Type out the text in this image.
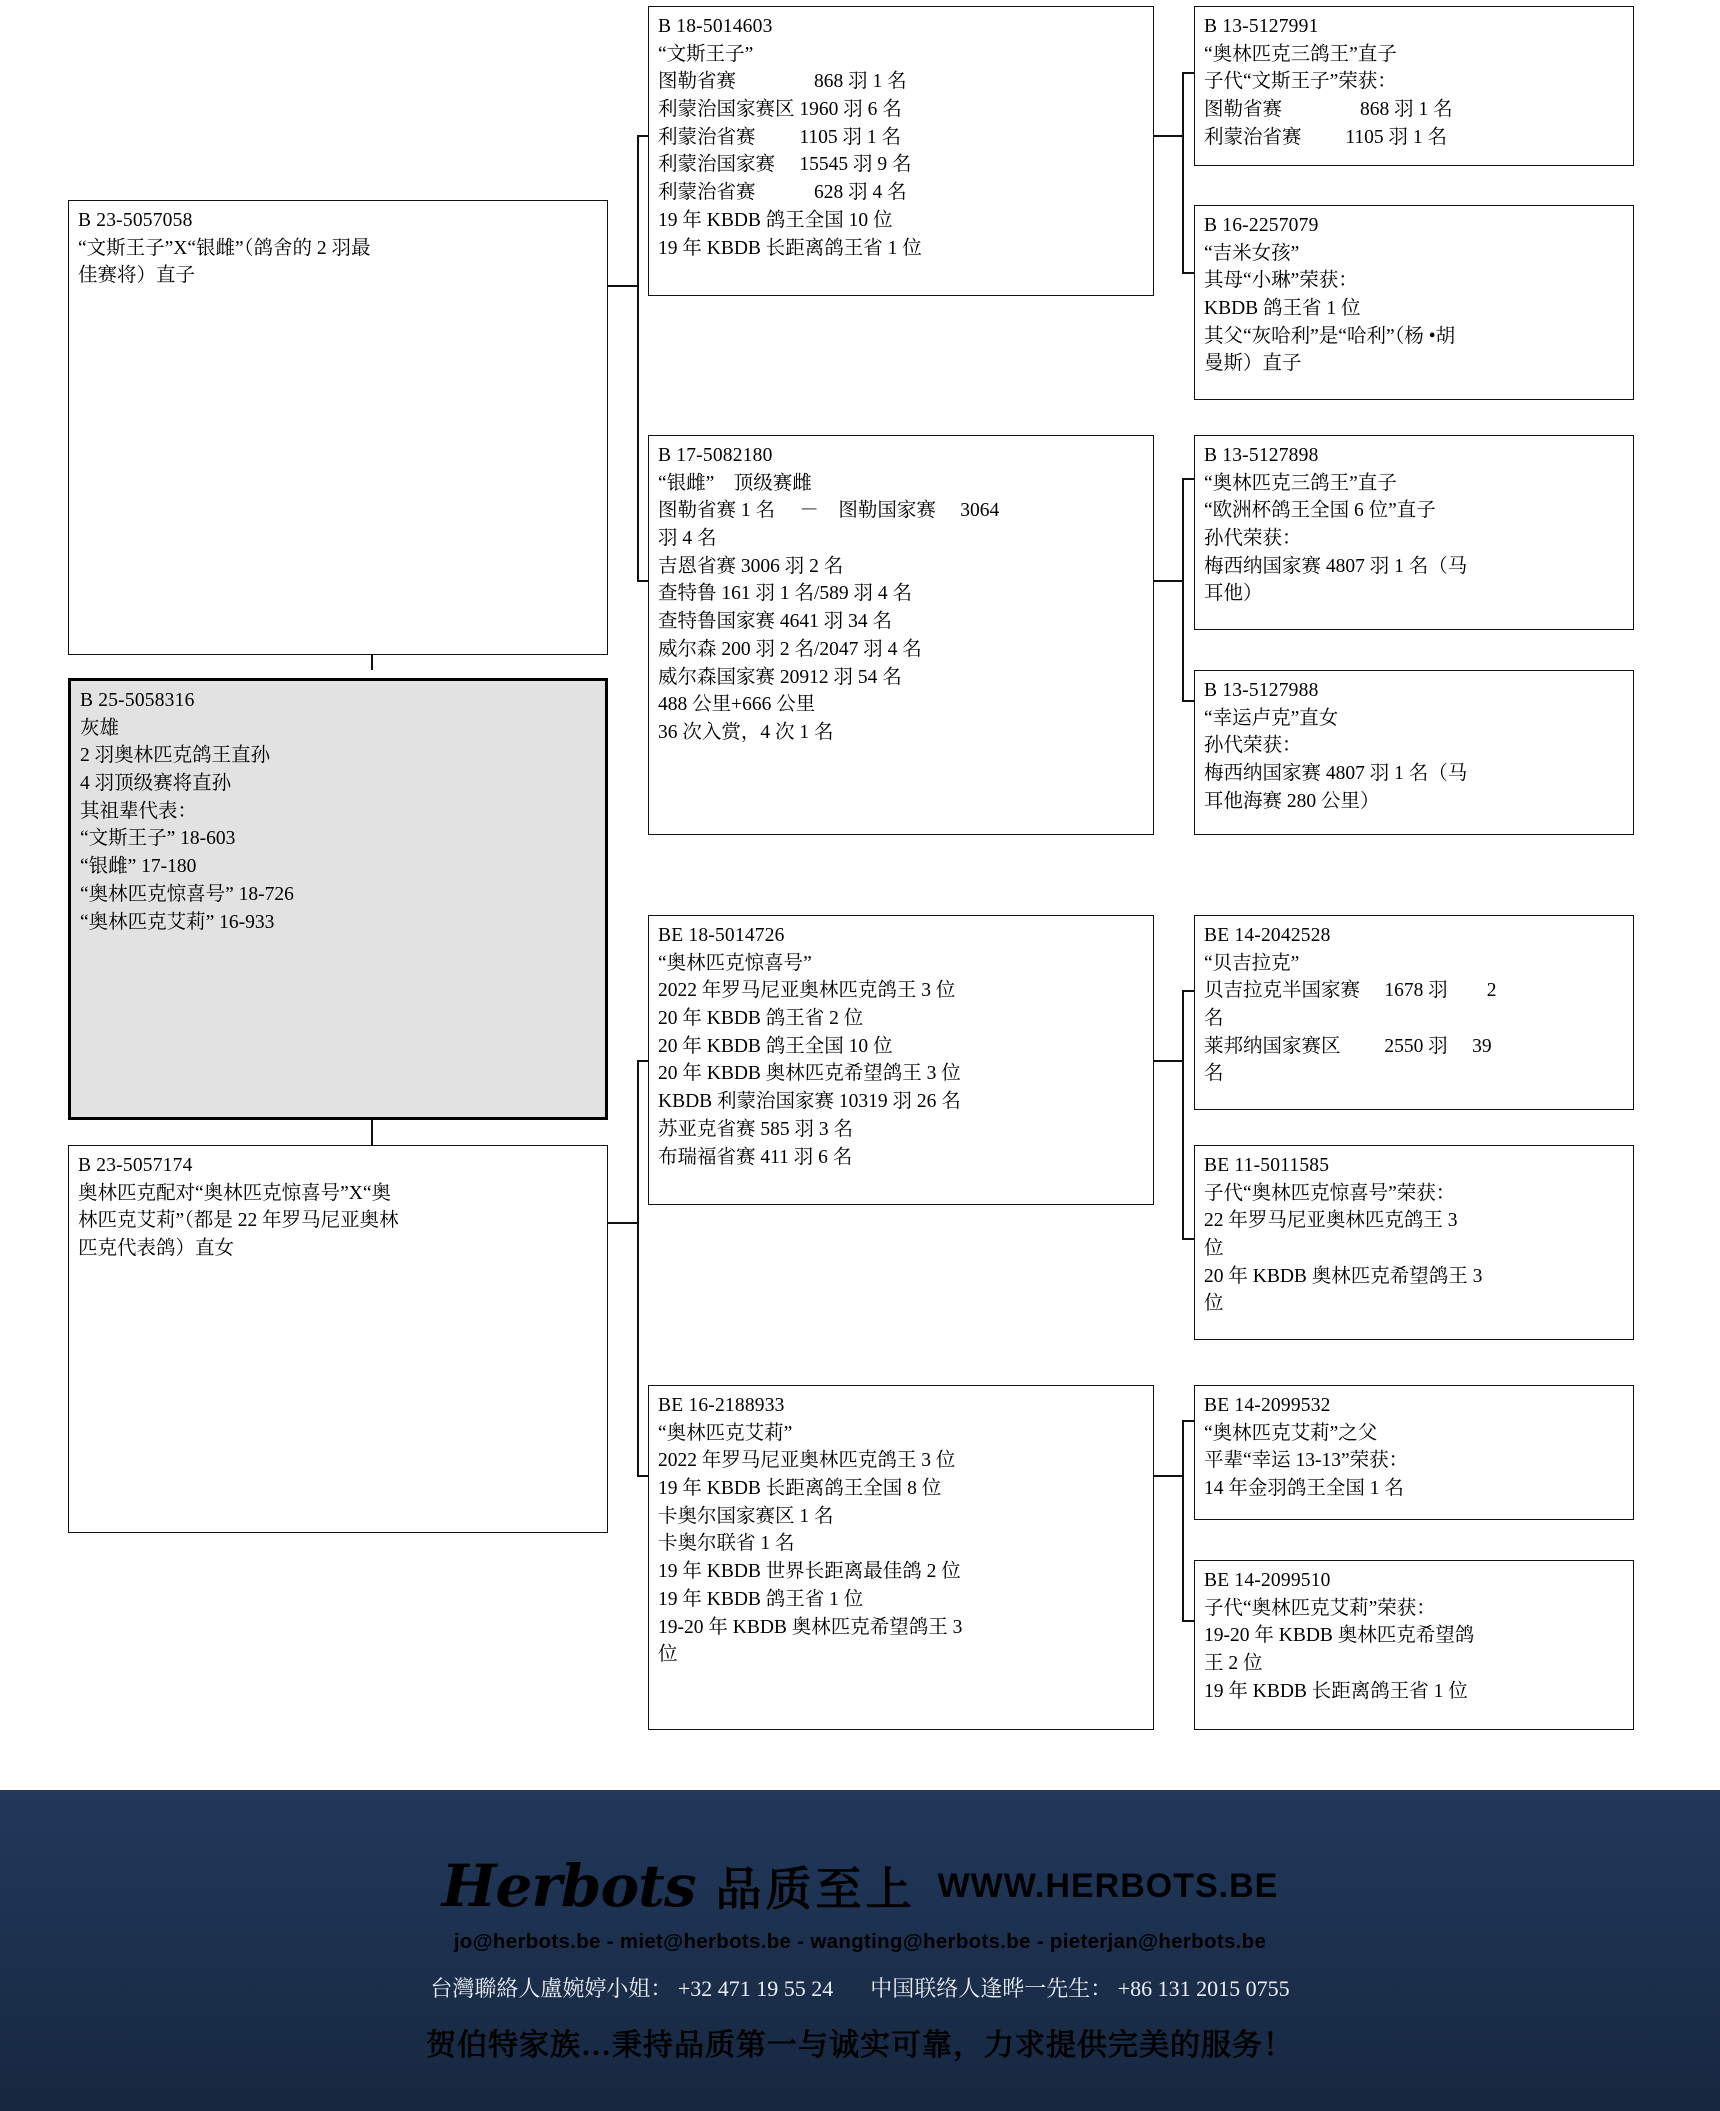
B 23-5057058
“文斯王子”X“银雌”（鸽舍的 2 羽最
佳赛将）直子
B 25-5058316
灰雄
2 羽奥林匹克鸽王直孙
4 羽顶级赛将直孙
其祖辈代表：
“文斯王子” 18-603
“银雌” 17-180
“奥林匹克惊喜号” 18-726
“奥林匹克艾莉” 16-933
B 23-5057174
奥林匹克配对“奥林匹克惊喜号”X“奥
林匹克艾莉”（都是 22 年罗马尼亚奥林
匹克代表鸽）直女
B 18-5014603
“文斯王子”
图勒省赛　　　　868 羽 1 名
利蒙治国家赛区 1960 羽 6 名
利蒙治省赛　　 1105 羽 1 名
利蒙治国家赛　 15545 羽 9 名
利蒙治省赛　　　628 羽 4 名
19 年 KBDB 鸽王全国 10 位
19 年 KBDB 长距离鸽王省 1 位
B 17-5082180
“银雌”　顶级赛雌
图勒省赛 1 名 　－　图勒国家赛　 3064
羽 4 名
吉恩省赛 3006 羽 2 名
查特鲁 161 羽 1 名/589 羽 4 名
查特鲁国家赛 4641 羽 34 名
威尔森 200 羽 2 名/2047 羽 4 名
威尔森国家赛 20912 羽 54 名
488 公里+666 公里
36 次入赏，4 次 1 名
BE 18-5014726
“奥林匹克惊喜号”
2022 年罗马尼亚奥林匹克鸽王 3 位
20 年 KBDB 鸽王省 2 位
20 年 KBDB 鸽王全国 10 位
20 年 KBDB 奥林匹克希望鸽王 3 位
KBDB 利蒙治国家赛 10319 羽 26 名
苏亚克省赛 585 羽 3 名
布瑞福省赛 411 羽 6 名
BE 16-2188933
“奥林匹克艾莉”
2022 年罗马尼亚奥林匹克鸽王 3 位
19 年 KBDB 长距离鸽王全国 8 位
卡奥尔国家赛区 1 名
卡奥尔联省 1 名
19 年 KBDB 世界长距离最佳鸽 2 位
19 年 KBDB 鸽王省 1 位
19-20 年 KBDB 奥林匹克希望鸽王 3
位
B 13-5127991
“奥林匹克三鸽王”直子
子代“文斯王子”荣获：
图勒省赛　　　　868 羽 1 名
利蒙治省赛　　 1105 羽 1 名
B 16-2257079
“吉米女孩”
其母“小琳”荣获：
KBDB 鸽王省 1 位
其父“灰哈利”是“哈利”（杨 •胡
曼斯）直子
B 13-5127898
“奥林匹克三鸽王”直子
“欧洲杯鸽王全国 6 位”直子
孙代荣获：
梅西纳国家赛 4807 羽 1 名（马
耳他）
B 13-5127988
“幸运卢克”直女
孙代荣获：
梅西纳国家赛 4807 羽 1 名（马
耳他海赛 280 公里）
BE 14-2042528
“贝吉拉克”
贝吉拉克半国家赛　 1678 羽　　2
名
莱邦纳国家赛区　　 2550 羽　 39
名
BE 11-5011585
子代“奥林匹克惊喜号”荣获：
22 年罗马尼亚奥林匹克鸽王 3
位
20 年 KBDB 奥林匹克希望鸽王 3
位
BE 14-2099532
“奥林匹克艾莉”之父
平辈“幸运 13-13”荣获：
14 年金羽鸽王全国 1 名
BE 14-2099510
子代“奥林匹克艾莉”荣获：
19-20 年 KBDB 奥林匹克希望鸽
王 2 位
19 年 KBDB 长距离鸽王省 1 位
Herbots 品质至上 WWW.HERBOTS.BE
jo@herbots.be - miet@herbots.be - wangting@herbots.be - pieterjan@herbots.be
台灣聯絡人盧婉婷小姐： +32 471 19 55 24 中国联络人逢晔一先生： +86 131 2015 0755
贺伯特家族…秉持品质第一与诚实可靠，力求提供完美的服务！
